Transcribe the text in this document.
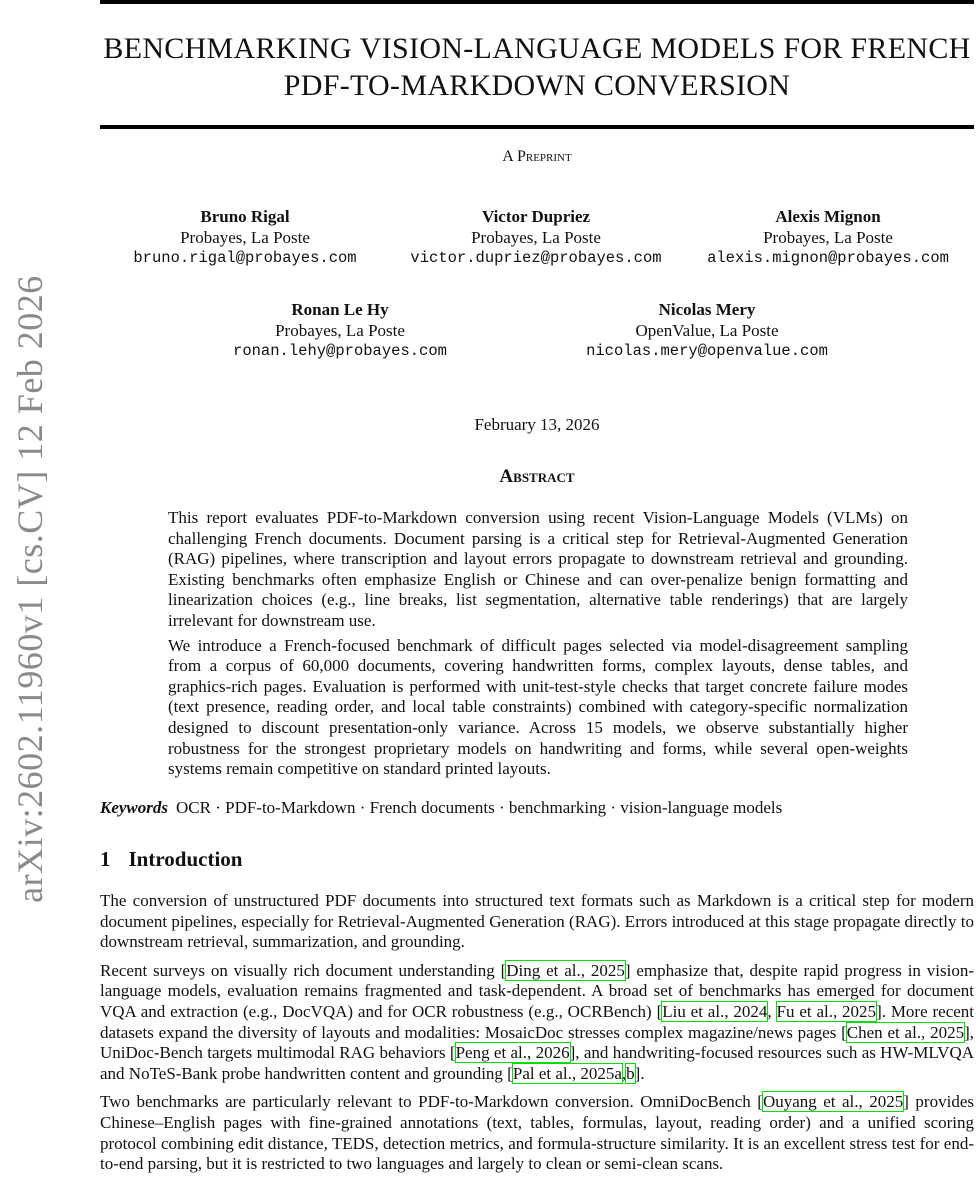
arXiv:2602.11960v1 [cs.CV] 12 Feb 2026
BENCHMARKING VISION-LANGUAGE MODELS FOR FRENCH
PDF-TO-MARKDOWN CONVERSION
A Preprint
Bruno Rigal
Probayes, La Poste
bruno.rigal@probayes.com
Victor Dupriez
Probayes, La Poste
victor.dupriez@probayes.com
Alexis Mignon
Probayes, La Poste
alexis.mignon@probayes.com
Ronan Le Hy
Probayes, La Poste
ronan.lehy@probayes.com
Nicolas Mery
OpenValue, La Poste
nicolas.mery@openvalue.com
February 13, 2026
Abstract

This report evaluates PDF-to-Markdown conversion using recent Vision-Language Models (VLMs) on challenging French documents. Document parsing is a critical step for Retrieval-Augmented Generation (RAG) pipelines, where transcription and layout errors propagate to downstream retrieval and grounding. Existing benchmarks often emphasize English or Chinese and can over-penalize benign formatting and linearization choices (e.g., line breaks, list segmentation, alternative table renderings) that are largely irrelevant for downstream use.

We introduce a French-focused benchmark of difficult pages selected via model-disagreement sampling from a corpus of 60,000 documents, covering handwritten forms, complex layouts, dense tables, and graphics-rich pages. Evaluation is performed with unit-test-style checks that target concrete failure modes (text presence, reading order, and local table constraints) combined with category-specific normalization designed to discount presentation-only variance. Across 15 models, we observe substantially higher robustness for the strongest proprietary models on handwriting and forms, while several open-weights systems remain competitive on standard printed layouts.

Keywords OCR · PDF-to-Markdown · French documents · benchmarking · vision-language models
1 Introduction

The conversion of unstructured PDF documents into structured text formats such as Markdown is a critical step for modern document pipelines, especially for Retrieval-Augmented Generation (RAG). Errors introduced at this stage propagate directly to downstream retrieval, summarization, and grounding.

Recent surveys on visually rich document understanding [Ding et al., 2025] emphasize that, despite rapid progress in vision-language models, evaluation remains fragmented and task-dependent. A broad set of benchmarks has emerged for document VQA and extraction (e.g., DocVQA) and for OCR robustness (e.g., OCRBench) [Liu et al., 2024, Fu et al., 2025]. More recent datasets expand the diversity of layouts and modalities: MosaicDoc stresses complex magazine/news pages [Chen et al., 2025], UniDoc-Bench targets multimodal RAG behaviors [Peng et al., 2026], and handwriting-focused resources such as HW-MLVQA and NoTeS-Bank probe handwritten content and grounding [Pal et al., 2025a,b].

Two benchmarks are particularly relevant to PDF-to-Markdown conversion. OmniDocBench [Ouyang et al., 2025] provides Chinese–English pages with fine-grained annotations (text, tables, formulas, layout, reading order) and a unified scoring protocol combining edit distance, TEDS, detection metrics, and formula-structure similarity. It is an excellent stress test for end-to-end parsing, but it is restricted to two languages and largely to clean or semi-clean scans.
